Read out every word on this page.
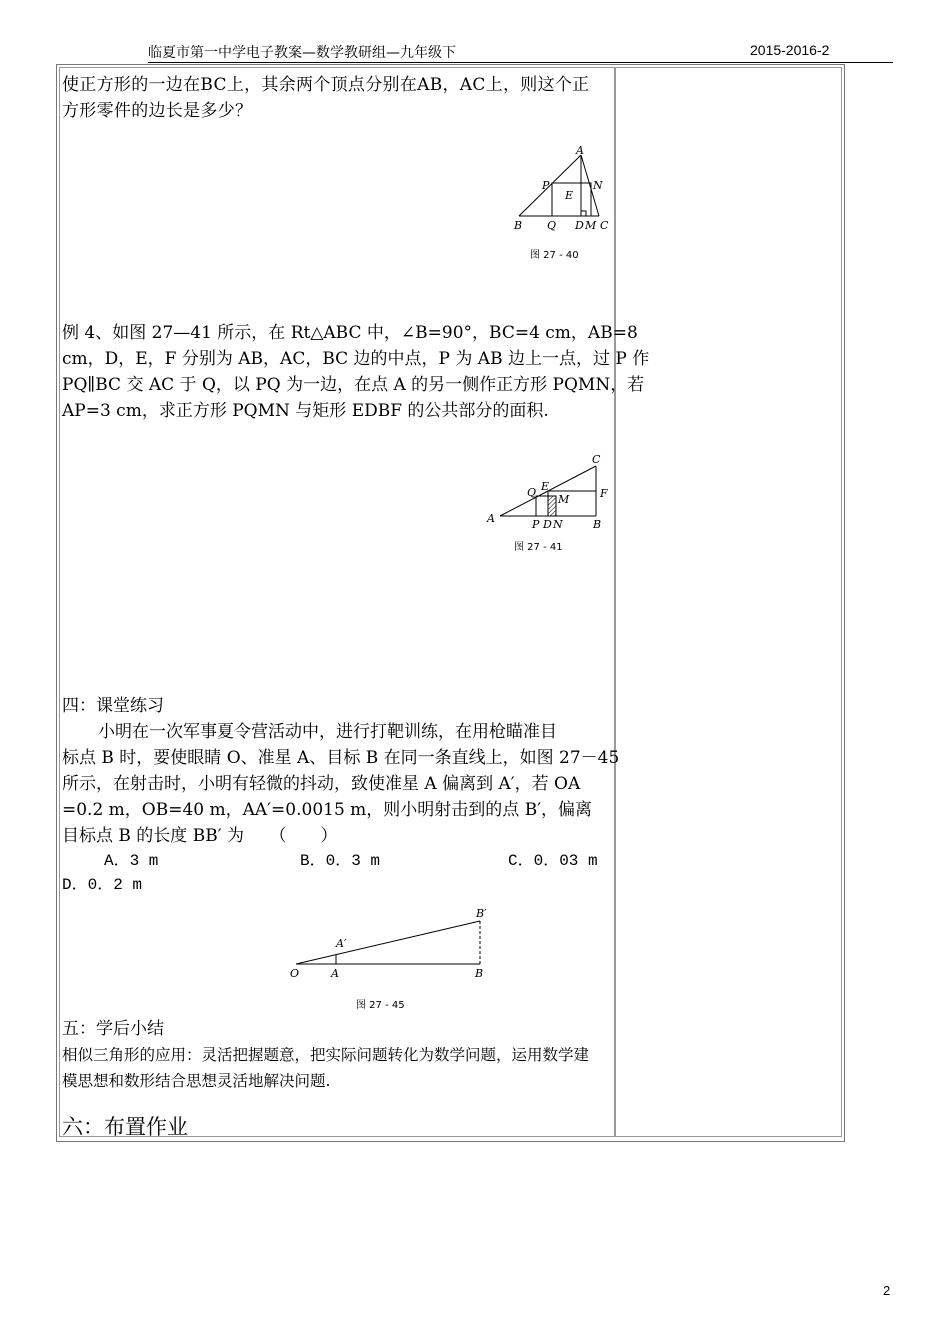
临夏市第一中学电子教案—数学教研组—九年级下	2015-2016-2
使正方形的一边在BC上，其余两个顶点分别在AB，AC上，则这个正
方形零件的边长是多少？
A
P	N
E
B Q D M C
图 27 - 40
例 4、如图 27—41 所示，在 Rt△ABC 中，∠B=90°，BC=4 cm，AB=8
cm，D，E，F 分别为 AB，AC，BC 边的中点，P 为 AB 边上一点，过 P 作
PQ∥BC 交 AC 于 Q，以 PQ 为一边，在点 A 的另一侧作正方形 PQMN，若
AP=3 cm，求正方形 PQMN 与矩形 EDBF 的公共部分的面积.
C
E
Q
M	F
A	P D N	B
图 27 - 41
四：课堂练习
小明在一次军事夏令营活动中，进行打靶训练，在用枪瞄准目
标点 B 时，要使眼睛 O、准星 A、目标 B 在同一条直线上，如图 27－45
所示，在射击时，小明有轻微的抖动，致使准星 A 偏离到 A′，若 OA
=0.2 m，OB=40 m，AA′=0.0015 m，则小明射击到的点 B′，偏离
目标点 B 的长度 BB′ 为　　（　　）
A．3 m	B．0．3 m	C．0．03 m
D．0．2 m
O	A
A′
B
B′
图 27 - 45
五：学后小结
相似三角形的应用：灵活把握题意，把实际问题转化为数学问题，运用数学建
模思想和数形结合思想灵活地解决问题.
六：布置作业
2
